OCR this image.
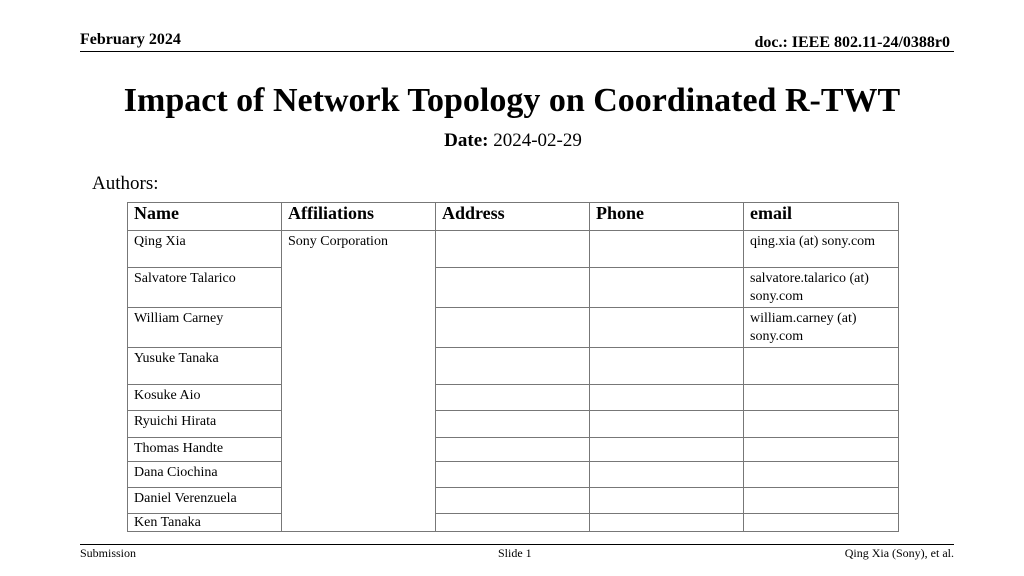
February 2024	doc.: IEEE 802.11-24/0388r0
Impact of Network Topology on Coordinated R-TWT
Date: 2024-02-29
Authors:
Name	Affiliations	Address	Phone	email
Qing Xia	Sony Corporation			qing.xia (at) sony.com
Salvatore Talarico				salvatore.talarico (at) sony.com
William Carney				william.carney (at) sony.com
Yusuke Tanaka				
Kosuke Aio				
Ryuichi Hirata				
Thomas Handte				
Dana Ciochina				
Daniel Verenzuela				
Ken Tanaka				
Submission	Slide 1	Qing Xia (Sony), et al.
